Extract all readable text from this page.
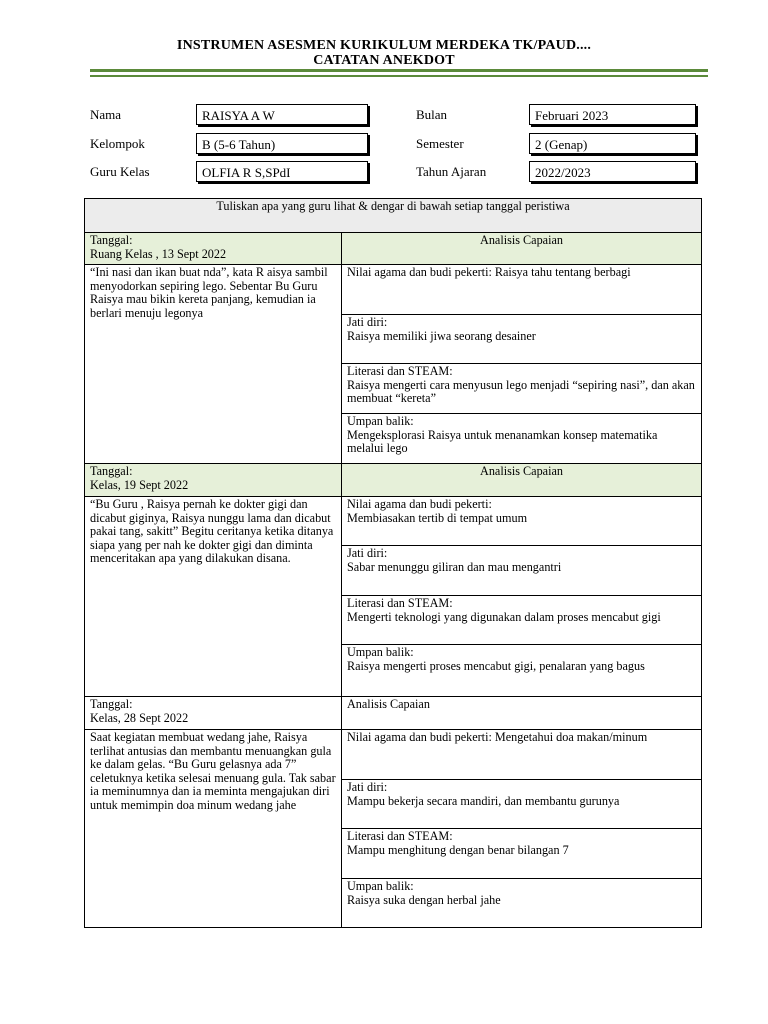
INSTRUMEN ASESMEN KURIKULUM MERDEKA TK/PAUD....
CATATAN ANEKDOT
Nama	RAISYA A W
Kelompok	B (5-6 Tahun)
Guru Kelas	OLFIA R S,SPdI
Bulan	Februari 2023
Semester	2 (Genap)
Tahun Ajaran	2022/2023
Tuliskan apa yang guru lihat & dengar di bawah setiap tanggal peristiwa	

Tanggal:
Ruang Kelas , 13 Sept 2022	Analisis Capaian
“Ini nasi dan ikan buat nda”, kata R aisya sambil menyodorkan sepiring lego. Sebentar Bu Guru Raisya mau bikin kereta panjang, kemudian ia berlari menuju legonya	Nilai agama dan budi pekerti: Raisya tahu tentang berbagi

	Jati diri:
Raisya memiliki jiwa seorang desainer

	Literasi dan STEAM:
Raisya mengerti cara menyusun lego menjadi “sepiring nasi”, dan akan membuat “kereta”

	Umpan balik:
Mengeksplorasi Raisya untuk menanamkan konsep matematika melalui lego

Tanggal:
Kelas, 19 Sept 2022	Analisis Capaian
“Bu Guru , Raisya pernah ke dokter gigi dan dicabut giginya, Raisya nunggu lama dan dicabut pakai tang, sakitt” Begitu ceritanya ketika ditanya siapa yang per nah ke dokter gigi dan diminta menceritakan apa yang dilakukan disana.	Nilai agama dan budi pekerti:
Membiasakan tertib di tempat umum

	Jati diri:
Sabar menunggu giliran dan mau mengantri

	Literasi dan STEAM:
Mengerti teknologi yang digunakan dalam proses mencabut gigi

	Umpan balik:
Raisya mengerti proses mencabut gigi, penalaran yang bagus

Tanggal:
Kelas, 28 Sept 2022	Analisis Capaian
Saat kegiatan membuat wedang jahe, Raisya terlihat antusias dan membantu menuangkan gula ke dalam gelas. “Bu Guru gelasnya ada 7” celetuknya ketika selesai menuang gula. Tak sabar ia meminumnya dan ia meminta mengajukan diri untuk memimpin doa minum wedang jahe	Nilai agama dan budi pekerti: Mengetahui doa makan/minum

	Jati diri:
Mampu bekerja secara mandiri, dan membantu gurunya

	Literasi dan STEAM:
Mampu menghitung dengan benar bilangan 7

	Umpan balik:
Raisya suka dengan herbal jahe
